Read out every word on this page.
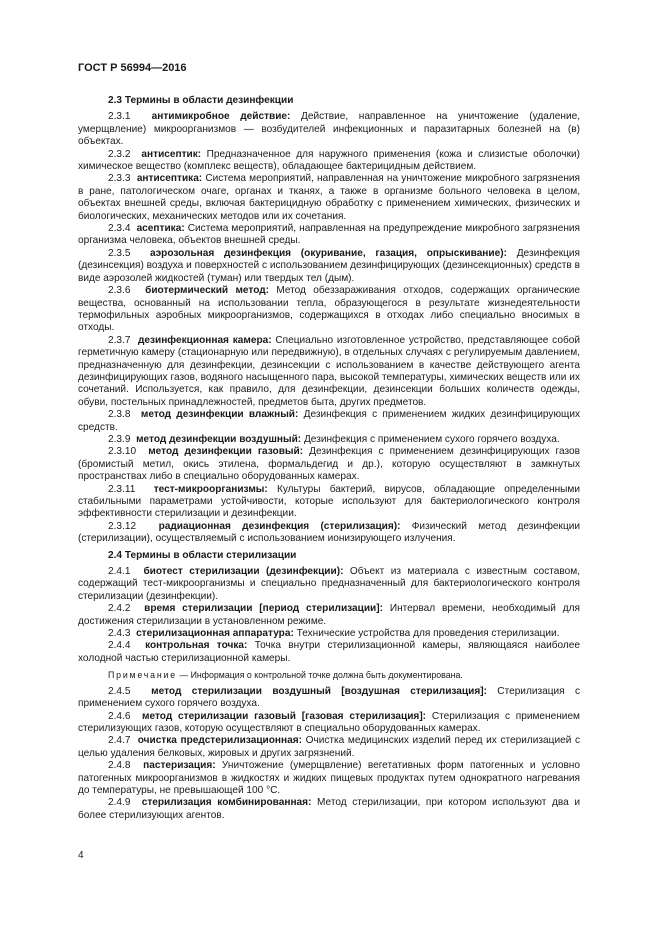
ГОСТ Р 56994—2016

2.3 Термины в области дезинфекции

2.3.1 антимикробное действие: Действие, направленное на уничтожение (удаление, умерщвление) микроорганизмов — возбудителей инфекционных и паразитарных болезней на (в) объектах.

2.3.2 антисептик: Предназначенное для наружного применения (кожа и слизистые оболочки) химическое вещество (комплекс веществ), обладающее бактерицидным действием.

2.3.3 антисептика: Система мероприятий, направленная на уничтожение микробного загрязнения в ране, патологическом очаге, органах и тканях, а также в организме больного человека в целом, объектах внешней среды, включая бактерицидную обработку с применением химических, физических и биологических, механических методов или их сочетания.

2.3.4 асептика: Система мероприятий, направленная на предупреждение микробного загрязнения организма человека, объектов внешней среды.

2.3.5 аэрозольная дезинфекция (окуривание, газация, опрыскивание): Дезинфекция (дезинсекция) воздуха и поверхностей с использованием дезинфицирующих (дезинсекционных) средств в виде аэрозолей жидкостей (туман) или твердых тел (дым).

2.3.6 биотермический метод: Метод обеззараживания отходов, содержащих органические вещества, основанный на использовании тепла, образующегося в результате жизнедеятельности термофильных аэробных микроорганизмов, содержащихся в отходах либо специально вносимых в отходы.

2.3.7 дезинфекционная камера: Специально изготовленное устройство, представляющее собой герметичную камеру (стационарную или передвижную), в отдельных случаях с регулируемым давлением, предназначенную для дезинфекции, дезинсекции с использованием в качестве действующего агента дезинфицирующих газов, водяного насыщенного пара, высокой температуры, химических веществ или их сочетаний. Используется, как правило, для дезинфекции, дезинсекции больших количеств одежды, обуви, постельных принадлежностей, предметов быта, других предметов.

2.3.8 метод дезинфекции влажный: Дезинфекция с применением жидких дезинфицирующих средств.

2.3.9 метод дезинфекции воздушный: Дезинфекция с применением сухого горячего воздуха.

2.3.10 метод дезинфекции газовый: Дезинфекция с применением дезинфицирующих газов (бромистый метил, окись этилена, формальдегид и др.), которую осуществляют в замкнутых пространствах либо в специально оборудованных камерах.

2.3.11 тест-микроорганизмы: Культуры бактерий, вирусов, обладающие определенными стабильными параметрами устойчивости, которые используют для бактериологического контроля эффективности стерилизации и дезинфекции.

2.3.12 радиационная дезинфекция (стерилизация): Физический метод дезинфекции (стерилизации), осуществляемый с использованием ионизирующего излучения.

2.4 Термины в области стерилизации

2.4.1 биотест стерилизации (дезинфекции): Объект из материала с известным составом, содержащий тест-микроорганизмы и специально предназначенный для бактериологического контроля стерилизации (дезинфекции).

2.4.2 время стерилизации [период стерилизации]: Интервал времени, необходимый для достижения стерилизации в установленном режиме.

2.4.3 стерилизационная аппаратура: Технические устройства для проведения стерилизации.

2.4.4 контрольная точка: Точка внутри стерилизационной камеры, являющаяся наиболее холодной частью стерилизационной камеры.

Примечание — Информация о контрольной точке должна быть документирована.

2.4.5 метод стерилизации воздушный [воздушная стерилизация]: Стерилизация с применением сухого горячего воздуха.

2.4.6 метод стерилизации газовый [газовая стерилизация]: Стерилизация с применением стерилизующих газов, которую осуществляют в специально оборудованных камерах.

2.4.7 очистка предстерилизационная: Очистка медицинских изделий перед их стерилизацией с целью удаления белковых, жировых и других загрязнений.

2.4.8 пастеризация: Уничтожение (умерщвление) вегетативных форм патогенных и условно патогенных микроорганизмов в жидкостях и жидких пищевых продуктах путем однократного нагревания до температуры, не превышающей 100 °С.

2.4.9 стерилизация комбинированная: Метод стерилизации, при котором используют два и более стерилизующих агентов.

4
